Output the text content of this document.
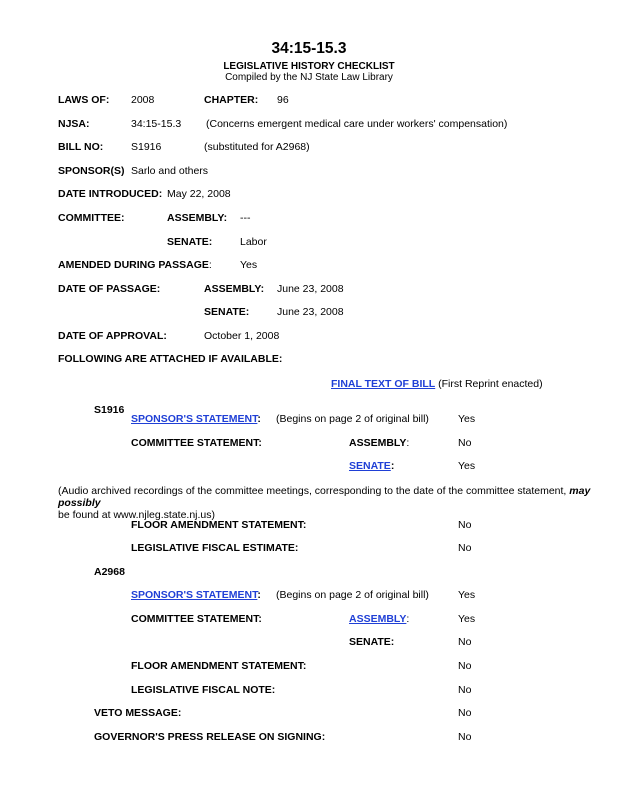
34:15-15.3
LEGISLATIVE HISTORY CHECKLIST
Compiled by the NJ State Law Library
LAWS OF: 2008	CHAPTER: 96
NJSA:	34:15-15.3 (Concerns emergent medical care under workers' compensation)
BILL NO:	S1916	(substituted for A2968)
SPONSOR(S) Sarlo and others
DATE INTRODUCED: May 22, 2008
COMMITTEE:	ASSEMBLY: ---
SENATE:	Labor
AMENDED DURING PASSAGE:	Yes
DATE OF PASSAGE:	ASSEMBLY: June 23, 2008
SENATE:	June 23, 2008
DATE OF APPROVAL:	October 1, 2008
FOLLOWING ARE ATTACHED IF AVAILABLE:
FINAL TEXT OF BILL (First Reprint enacted)
S1916
SPONSOR'S STATEMENT: (Begins on page 2 of original bill)	Yes
COMMITTEE STATEMENT:	ASSEMBLY:	No
SENATE:	Yes
(Audio archived recordings of the committee meetings, corresponding to the date of the committee statement, may possibly
be found at www.njleg.state.nj.us)
FLOOR AMENDMENT STATEMENT:	No
LEGISLATIVE FISCAL ESTIMATE:	No
A2968
SPONSOR'S STATEMENT: (Begins on page 2 of original bill)	Yes
COMMITTEE STATEMENT:	ASSEMBLY:	Yes
SENATE:	No
FLOOR AMENDMENT STATEMENT:	No
LEGISLATIVE FISCAL NOTE:	No
VETO MESSAGE:	No
GOVERNOR'S PRESS RELEASE ON SIGNING:	No
